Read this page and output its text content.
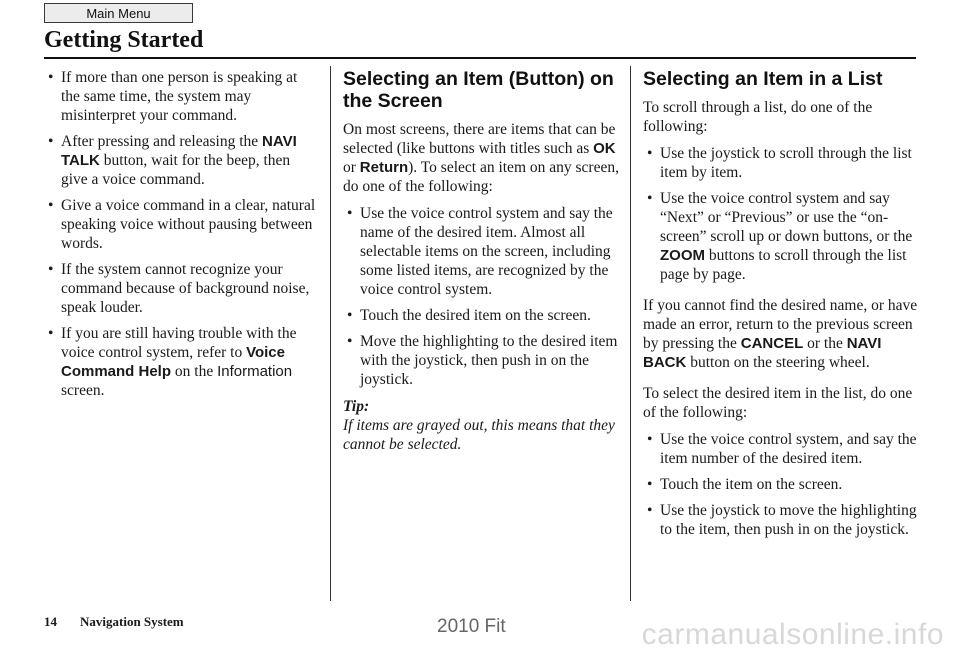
Main Menu
Getting Started
• If more than one person is speaking at the same time, the system may misinterpret your command.
• After pressing and releasing the NAVI TALK button, wait for the beep, then give a voice command.
• Give a voice command in a clear, natural speaking voice without pausing between words.
• If the system cannot recognize your command because of background noise, speak louder.
• If you are still having trouble with the voice control system, refer to Voice Command Help on the Information screen.
Selecting an Item (Button) on the Screen

On most screens, there are items that can be selected (like buttons with titles such as OK or Return). To select an item on any screen, do one of the following:

• Use the voice control system and say the name of the desired item. Almost all selectable items on the screen, including some listed items, are recognized by the voice control system.
• Touch the desired item on the screen.
• Move the highlighting to the desired item with the joystick, then push in on the joystick.
Tip:
If items are grayed out, this means that they cannot be selected.
Selecting an Item in a List

To scroll through a list, do one of the following:

• Use the joystick to scroll through the list item by item.
• Use the voice control system and say “Next” or “Previous” or use the “on-screen” scroll up or down buttons, or the ZOOM buttons to scroll through the list page by page.

If you cannot find the desired name, or have made an error, return to the previous screen by pressing the CANCEL or the NAVI BACK button on the steering wheel.

To select the desired item in the list, do one of the following:

• Use the voice control system, and say the item number of the desired item.
• Touch the item on the screen.
• Use the joystick to move the highlighting to the item, then push in on the joystick.
14 Navigation System	2010 Fit	carmanualsonline.info
